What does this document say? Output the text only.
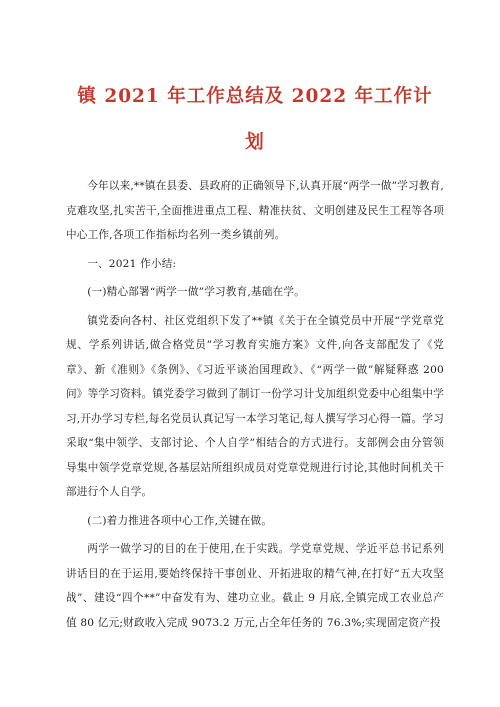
镇 2021 年工作总结及 2022 年工作计
划

今年以来,**镇在县委、县政府的正确领导下,认真开展“两学一做”学习教育,克难攻坚,扎实苦干,全面推进重点工程、精准扶贫、文明创建及民生工程等各项中心工作,各项工作指标均名列一类乡镇前列。

一、2021 作小结:

(一)精心部署“两学一做”学习教育,基础在学。

镇党委向各村、社区党组织下发了**镇《关于在全镇党员中开展“学党章党规、学系列讲话,做合格党员”学习教育实施方案》文件,向各支部配发了《党章》、新《准则》《条例》、《习近平谈治国理政》、《“两学一做”解疑释惑 200 问》等学习资料。镇党委学习做到了制订一份学习计戈加组织党委中心组集中学习,开办学习专栏,每名党员认真记写一本学习笔记,每人撰写学习心得一篇。学习采取“集中领学、支部讨论、个人自学”相结合的方式进行。支部例会由分管领导集中领学党章党规,各基层站所组织成员对党章党规进行讨论,其他时间机关干部进行个人自学。

(二)着力推进各项中心工作,关键在做。

两学一做学习的目的在于使用,在于实践。学党章党规、学近平总书记系列讲话目的在于运用,要始终保持干事创业、开拓进取的精气神,在打好“五大攻坚战”、建设“四个**”中奋发有为、建功立业。截止 9 月底,全镇完成工农业总产值 80 亿元;财政收入完成 9073.2 万元,占全年任务的 76.3%;实现固定资产投
